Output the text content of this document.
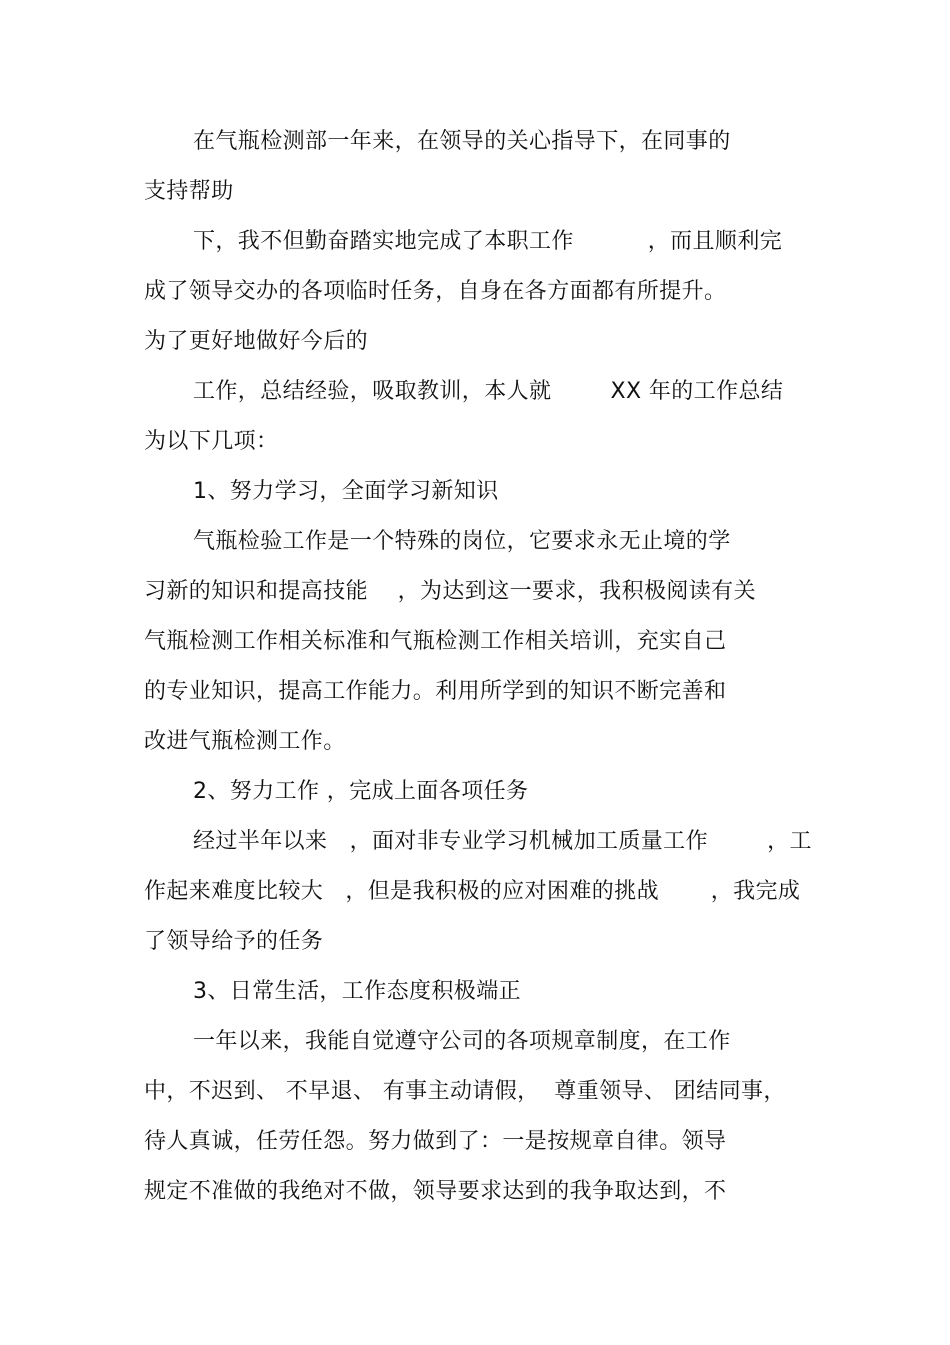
在气瓶检测部一年来，在领导的关心指导下，在同事的
支持帮助
下，我不但勤奋踏实地完成了本职工作          ，而且顺利完
成了领导交办的各项临时任务，自身在各方面都有所提升。
为了更好地做好今后的
工作，总结经验，吸取教训，本人就        XX 年的工作总结
为以下几项：
1、努力学习，全面学习新知识
气瓶检验工作是一个特殊的岗位，它要求永无止境的学
习新的知识和提高技能    ，为达到这一要求，我积极阅读有关
气瓶检测工作相关标准和气瓶检测工作相关培训，充实自己
的专业知识，提高工作能力。利用所学到的知识不断完善和
改进气瓶检测工作。
2、努力工作 ，完成上面各项任务
经过半年以来   ，面对非专业学习机械加工质量工作        ，工
作起来难度比较大   ，但是我积极的应对困难的挑战       ，我完成
了领导给予的任务
3、日常生活，工作态度积极端正
一年以来，我能自觉遵守公司的各项规章制度，在工作
中，不迟到、 不早退、 有事主动请假，  尊重领导、 团结同事，
待人真诚，任劳任怨。努力做到了：一是按规章自律。领导
规定不准做的我绝对不做，领导要求达到的我争取达到，不
